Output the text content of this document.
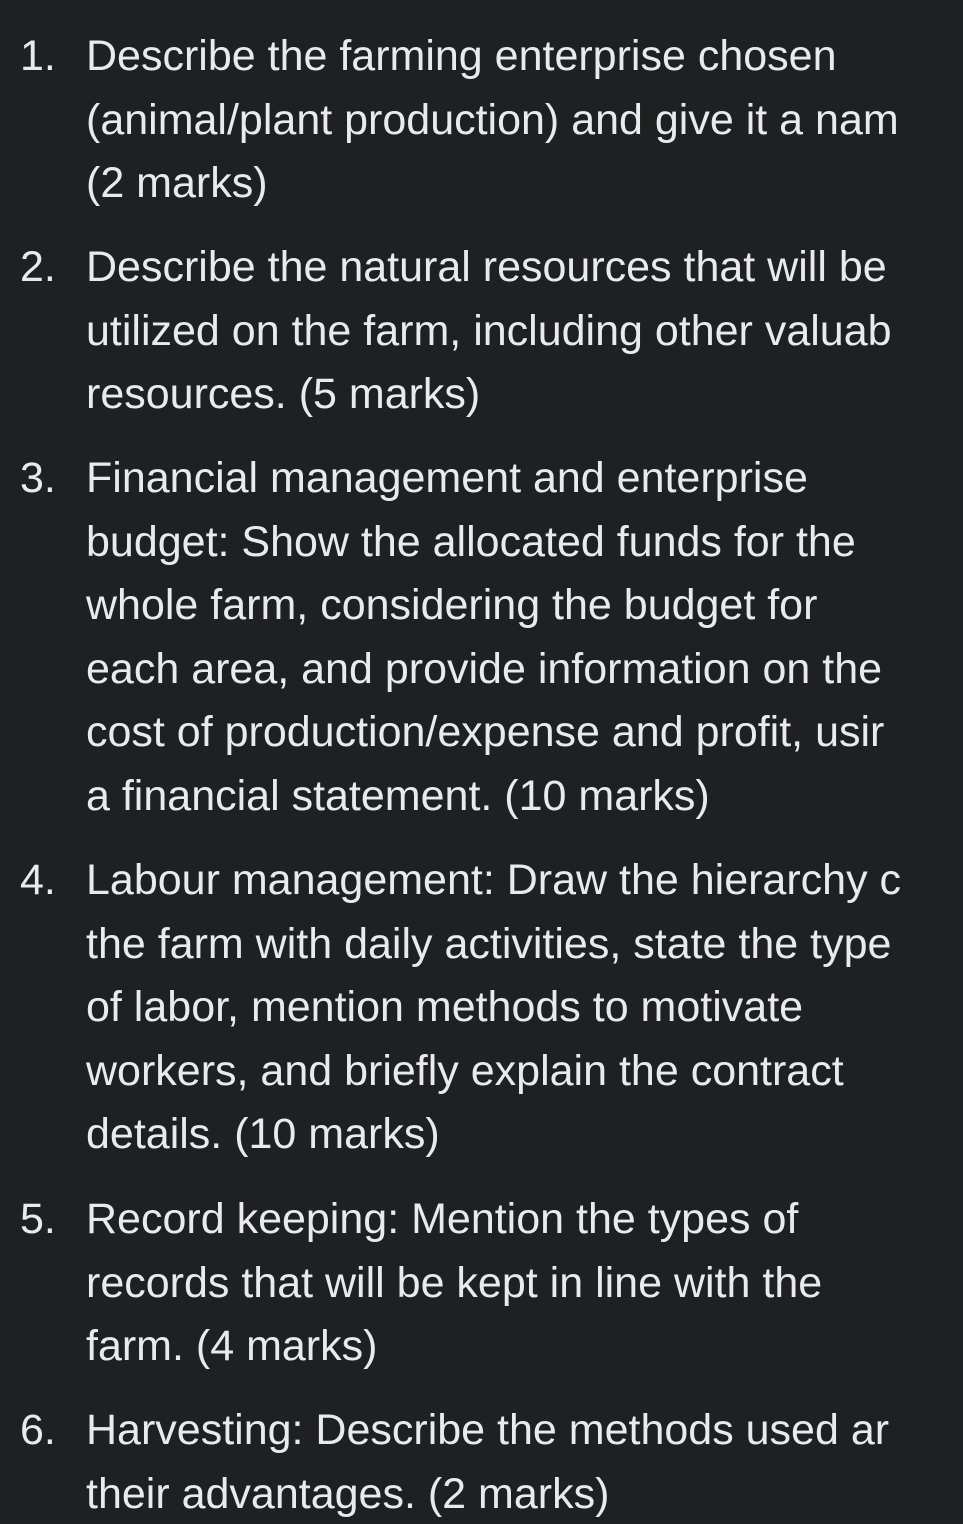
1. Describe the farming enterprise chosen
(animal/plant production) and give it a nam
(2 marks)
2. Describe the natural resources that will be
utilized on the farm, including other valuab
resources. (5 marks)
3. Financial management and enterprise
budget: Show the allocated funds for the
whole farm, considering the budget for
each area, and provide information on the
cost of production/expense and profit, usir
a financial statement. (10 marks)
4. Labour management: Draw the hierarchy c
the farm with daily activities, state the type
of labor, mention methods to motivate
workers, and briefly explain the contract
details. (10 marks)
5. Record keeping: Mention the types of
records that will be kept in line with the
farm. (4 marks)
6. Harvesting: Describe the methods used ar
their advantages. (2 marks)
